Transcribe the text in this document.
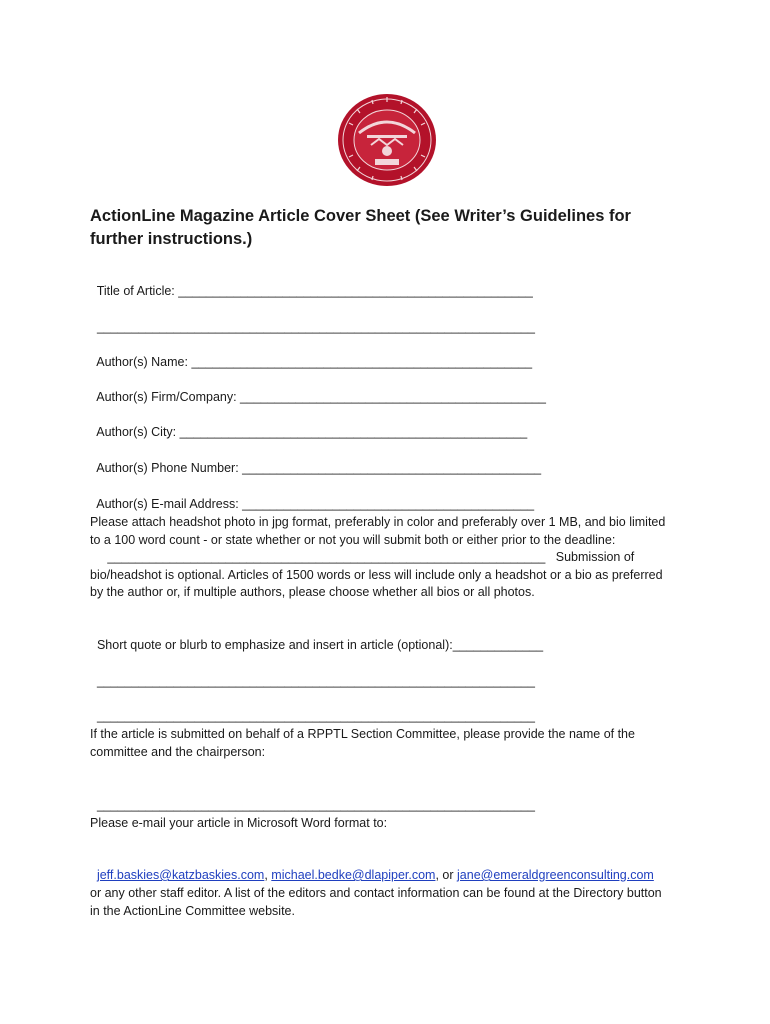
ActionLine Magazine Article Cover Sheet (See Writer’s Guidelines for further instructions.)

Title of Article: ___________________________________________________

_______________________________________________________________

Author(s) Name: _________________________________________________

Author(s) Firm/Company: ____________________________________________

Author(s) City: __________________________________________________

Author(s) Phone Number: ___________________________________________

Author(s) E-mail Address: __________________________________________

Please attach headshot photo in jpg format, preferably in color and preferably over 1 MB, and bio limited to a 100 word count - or state whether or not you will submit both or either prior to the deadline:     _______________________________________________________________   Submission of bio/headshot is optional. Articles of 1500 words or less will include only a headshot or a bio as preferred by the author or, if multiple authors, please choose whether all bios or all photos.

Short quote or blurb to emphasize and insert in article (optional):_____________

_______________________________________________________________

_______________________________________________________________

If the article is submitted on behalf of a RPPTL Section Committee, please provide the name of the committee and the chairperson:

_______________________________________________________________

Please e-mail your article in Microsoft Word format to:

jeff.baskies@katzbaskies.com, michael.bedke@dlapiper.com, or jane@emeraldgreenconsulting.com

or any other staff editor. A list of the editors and contact information can be found at the Directory button in the ActionLine Committee website.
